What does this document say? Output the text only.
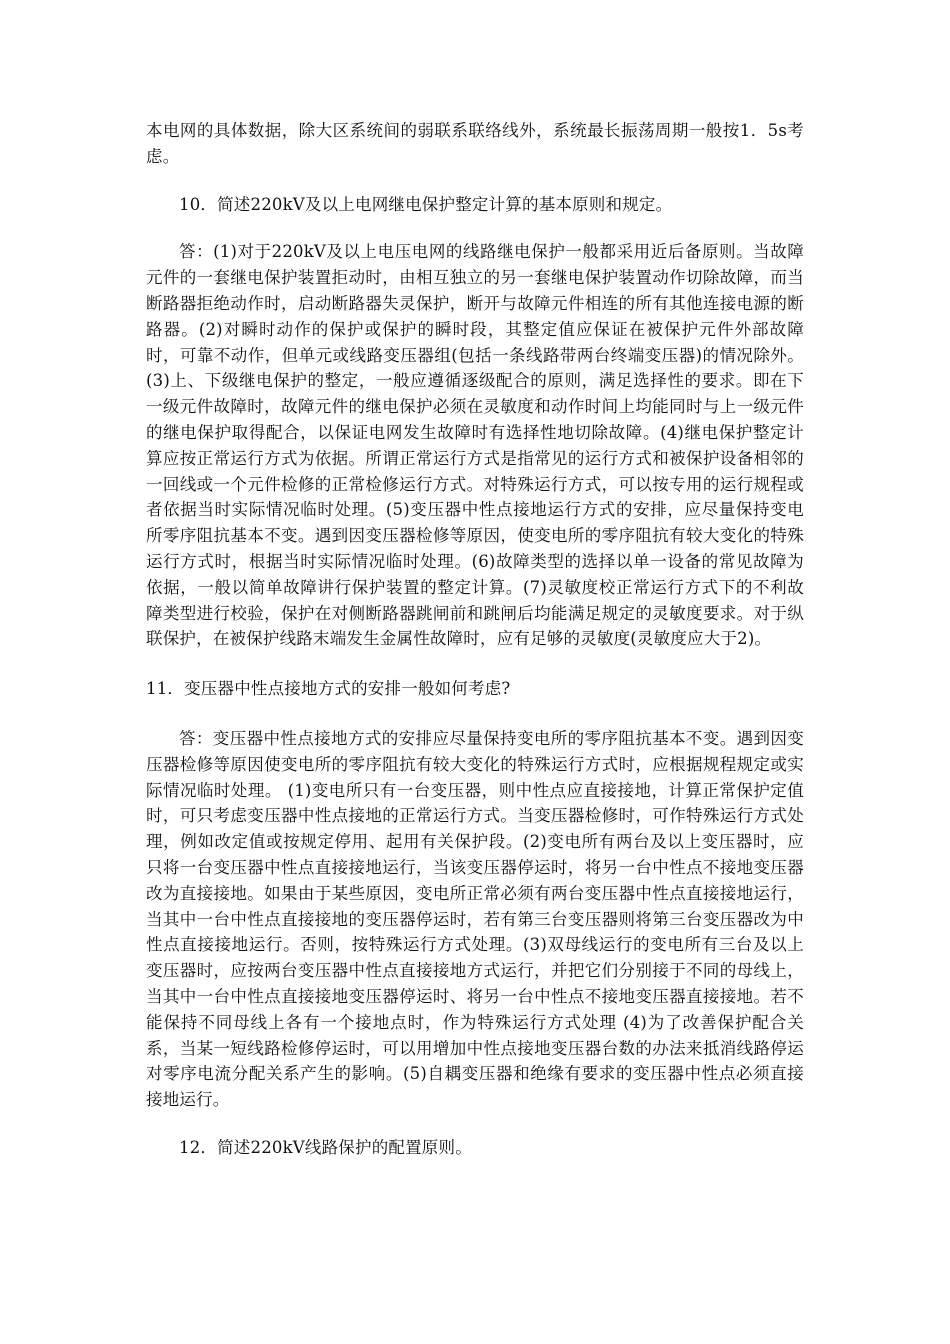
本电网的具体数据，除大区系统间的弱联系联络线外，系统最长振荡周期一般按1．5s考虑。

10．简述220kV及以上电网继电保护整定计算的基本原则和规定。

答：(1)对于220kV及以上电压电网的线路继电保护一般都采用近后备原则。当故障元件的一套继电保护装置拒动时，由相互独立的另一套继电保护装置动作切除故障，而当断路器拒绝动作时，启动断路器失灵保护，断开与故障元件相连的所有其他连接电源的断路器。(2)对瞬时动作的保护或保护的瞬时段，其整定值应保证在被保护元件外部故障时，可靠不动作，但单元或线路变压器组(包括一条线路带两台终端变压器)的情况除外。(3)上、下级继电保护的整定，一般应遵循逐级配合的原则，满足选择性的要求。即在下一级元件故障时，故障元件的继电保护必须在灵敏度和动作时间上均能同时与上一级元件的继电保护取得配合，以保证电网发生故障时有选择性地切除故障。(4)继电保护整定计算应按正常运行方式为依据。所谓正常运行方式是指常见的运行方式和被保护设备相邻的一回线或一个元件检修的正常检修运行方式。对特殊运行方式，可以按专用的运行规程或者依据当时实际情况临时处理。(5)变压器中性点接地运行方式的安排，应尽量保持变电所零序阻抗基本不变。遇到因变压器检修等原因，使变电所的零序阻抗有较大变化的特殊运行方式时，根据当时实际情况临时处理。(6)故障类型的选择以单一设备的常见故障为依据，一般以简单故障讲行保护装置的整定计算。(7)灵敏度校正常运行方式下的不利故障类型进行校验，保护在对侧断路器跳闸前和跳闸后均能满足规定的灵敏度要求。对于纵联保护，在被保护线路末端发生金属性故障时，应有足够的灵敏度(灵敏度应大于2)。

11．变压器中性点接地方式的安排一般如何考虑?

答：变压器中性点接地方式的安排应尽量保持变电所的零序阻抗基本不变。遇到因变压器检修等原因使变电所的零序阻抗有较大变化的特殊运行方式时，应根据规程规定或实际情况临时处理。 (1)变电所只有一台变压器，则中性点应直接接地，计算正常保护定值时，可只考虑变压器中性点接地的正常运行方式。当变压器检修时，可作特殊运行方式处理，例如改定值或按规定停用、起用有关保护段。(2)变电所有两台及以上变压器时，应只将一台变压器中性点直接接地运行，当该变压器停运时，将另一台中性点不接地变压器改为直接接地。如果由于某些原因，变电所正常必须有两台变压器中性点直接接地运行，当其中一台中性点直接接地的变压器停运时，若有第三台变压器则将第三台变压器改为中性点直接接地运行。否则，按特殊运行方式处理。(3)双母线运行的变电所有三台及以上变压器时，应按两台变压器中性点直接接地方式运行，并把它们分别接于不同的母线上，当其中一台中性点直接接地变压器停运时、将另一台中性点不接地变压器直接接地。若不能保持不同母线上各有一个接地点时，作为特殊运行方式处理 (4)为了改善保护配合关系，当某一短线路检修停运时，可以用增加中性点接地变压器台数的办法来抵消线路停运对零序电流分配关系产生的影响。(5)自耦变压器和绝缘有要求的变压器中性点必须直接接地运行。

12．简述220kV线路保护的配置原则。
